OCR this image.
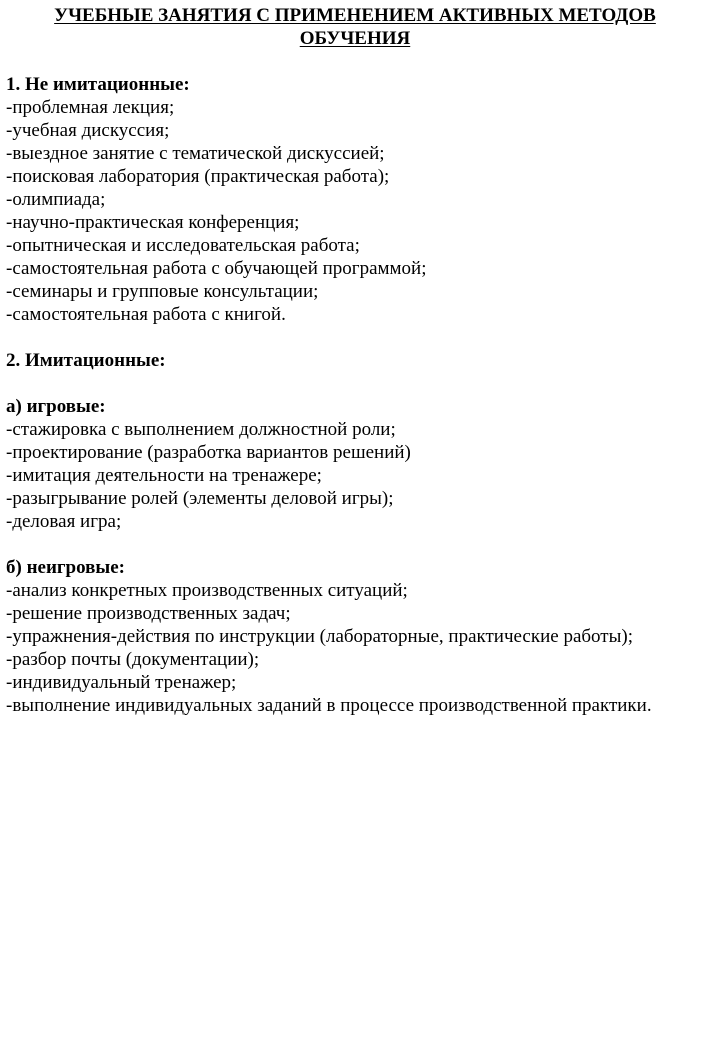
УЧЕБНЫЕ ЗАНЯТИЯ С ПРИМЕНЕНИЕМ АКТИВНЫХ МЕТОДОВ
ОБУЧЕНИЯ

1. Не имитационные:

-проблемная лекция;
-учебная дискуссия;
-выездное занятие с тематической дискуссией;
-поисковая лаборатория (практическая работа);
-олимпиада;
-научно-практическая конференция;
-опытническая и исследовательская работа;
-самостоятельная работа с обучающей программой;
-семинары и групповые консультации;
-самостоятельная работа с книгой.

2. Имитационные:

а) игровые:

-стажировка с выполнением должностной роли;
-проектирование (разработка вариантов решений)
-имитация деятельности на тренажере;
-разыгрывание ролей (элементы деловой игры);
-деловая игра;

б) неигровые:

-анализ конкретных производственных ситуаций;
-решение производственных задач;
-упражнения-действия по инструкции (лабораторные, практические работы);
-разбор почты (документации);
-индивидуальный тренажер;
-выполнение индивидуальных заданий в процессе производственной практики.
